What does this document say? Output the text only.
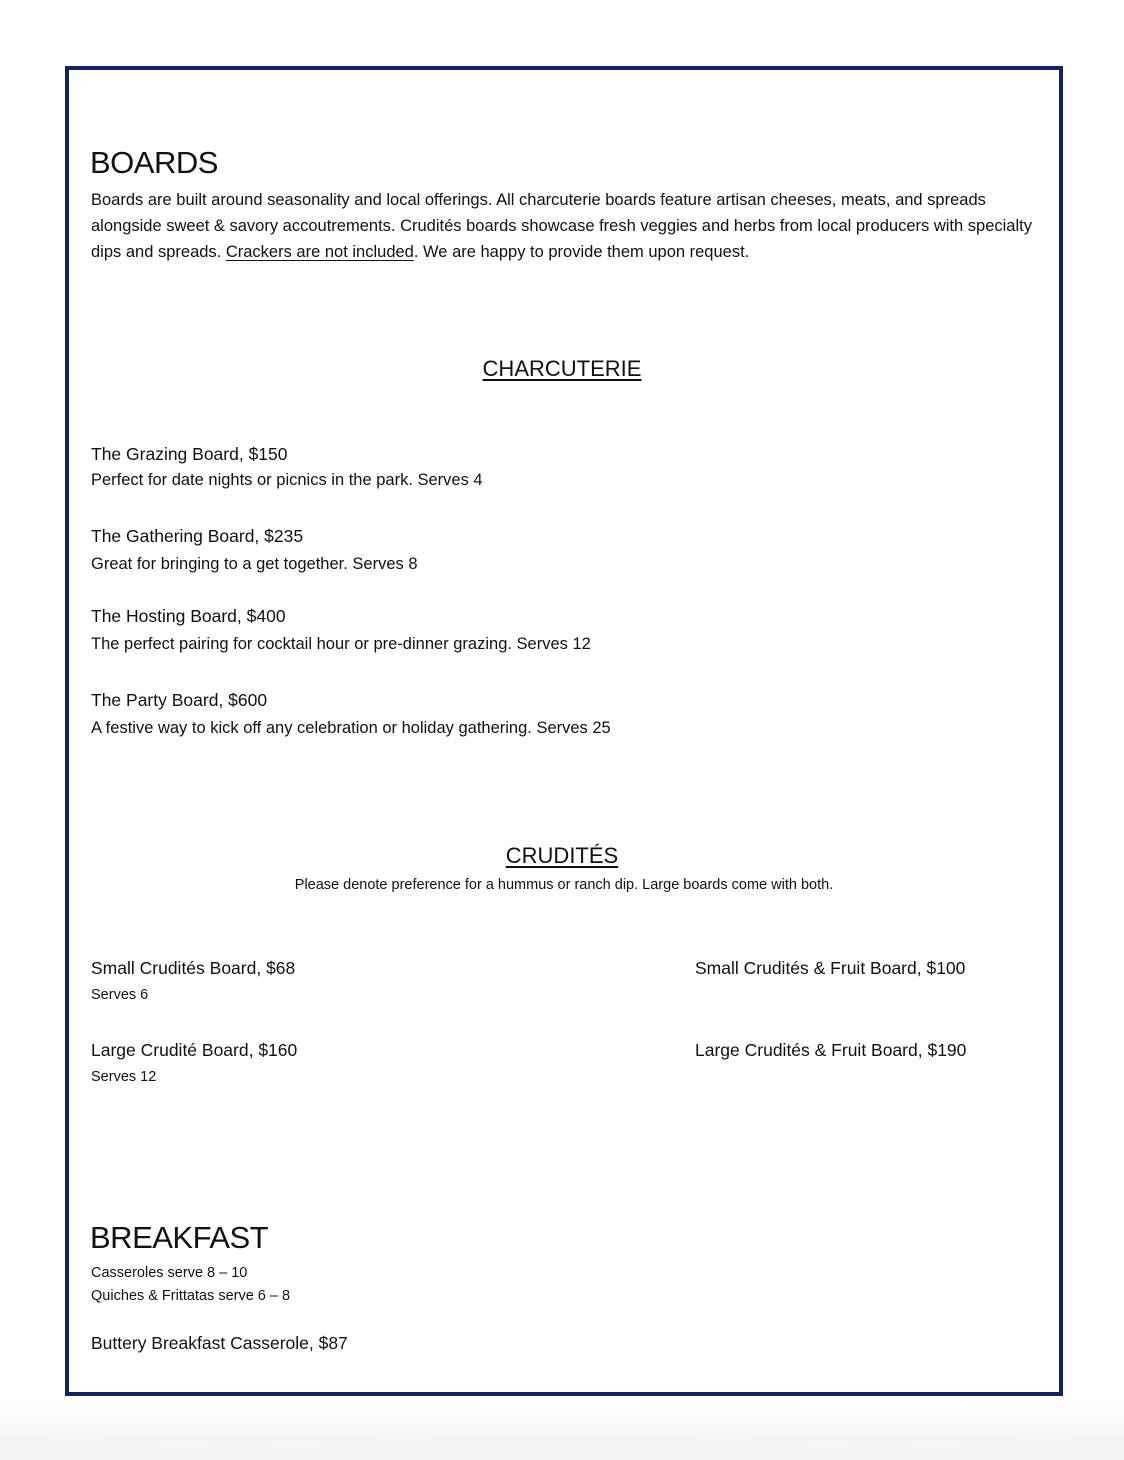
BOARDS
Boards are built around seasonality and local offerings. All charcuterie boards feature artisan cheeses, meats, and spreads alongside sweet & savory accoutrements. Crudités boards showcase fresh veggies and herbs from local producers with specialty dips and spreads. Crackers are not included. We are happy to provide them upon request.
CHARCUTERIE
The Grazing Board, $150
Perfect for date nights or picnics in the park. Serves 4
The Gathering Board, $235
Great for bringing to a get together. Serves 8
The Hosting Board, $400
The perfect pairing for cocktail hour or pre-dinner grazing. Serves 12
The Party Board, $600
A festive way to kick off any celebration or holiday gathering. Serves 25
CRUDITÉS
Please denote preference for a hummus or ranch dip. Large boards come with both.
Small Crudités Board, $68
Serves 6
Small Crudités & Fruit Board, $100
Large Crudité Board, $160
Serves 12
Large Crudités & Fruit Board, $190
BREAKFAST
Casseroles serve 8 – 10
Quiches & Frittatas serve 6 – 8
Buttery Breakfast Casserole, $87
